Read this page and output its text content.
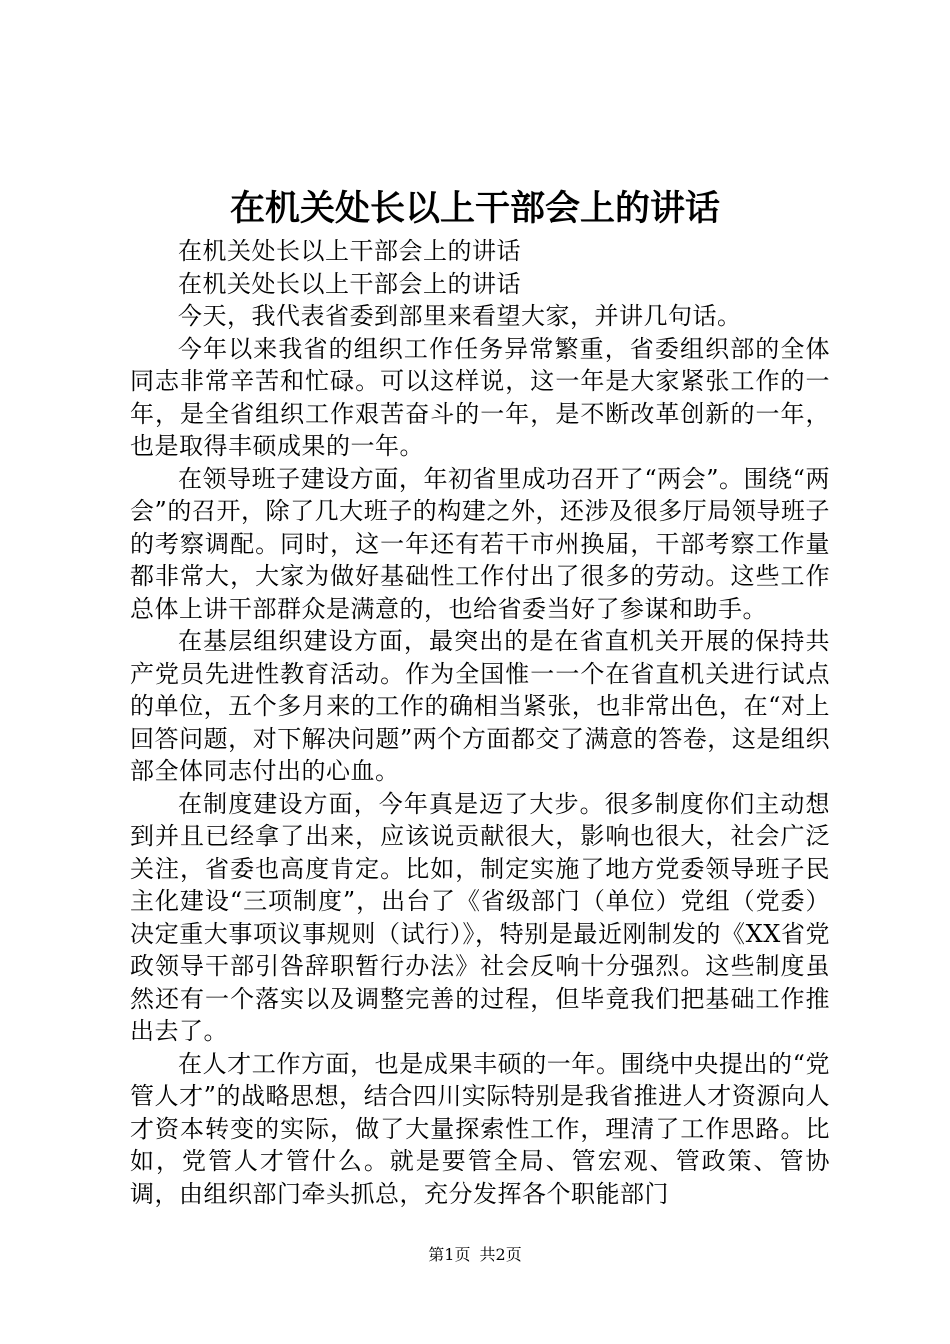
在机关处长以上干部会上的讲话

在机关处长以上干部会上的讲话

在机关处长以上干部会上的讲话

今天，我代表省委到部里来看望大家，并讲几句话。

今年以来我省的组织工作任务异常繁重，省委组织部的全体同志非常辛苦和忙碌。可以这样说，这一年是大家紧张工作的一年，是全省组织工作艰苦奋斗的一年，是不断改革创新的一年，也是取得丰硕成果的一年。

在领导班子建设方面，年初省里成功召开了“两会”。围绕“两会”的召开，除了几大班子的构建之外，还涉及很多厅局领导班子的考察调配。同时，这一年还有若干市州换届，干部考察工作量都非常大，大家为做好基础性工作付出了很多的劳动。这些工作总体上讲干部群众是满意的，也给省委当好了参谋和助手。

在基层组织建设方面，最突出的是在省直机关开展的保持共产党员先进性教育活动。作为全国惟一一个在省直机关进行试点的单位，五个多月来的工作的确相当紧张，也非常出色，在“对上回答问题，对下解决问题”两个方面都交了满意的答卷，这是组织部全体同志付出的心血。

在制度建设方面，今年真是迈了大步。很多制度你们主动想到并且已经拿了出来，应该说贡献很大，影响也很大，社会广泛关注，省委也高度肯定。比如，制定实施了地方党委领导班子民主化建设“三项制度”，出台了《省级部门（单位）党组（党委）决定重大事项议事规则（试行）》，特别是最近刚制发的《XX省党政领导干部引咎辞职暂行办法》社会反响十分强烈。这些制度虽然还有一个落实以及调整完善的过程，但毕竟我们把基础工作推出去了。

在人才工作方面，也是成果丰硕的一年。围绕中央提出的“党管人才”的战略思想，结合四川实际特别是我省推进人才资源向人才资本转变的实际，做了大量探索性工作，理清了工作思路。比如，党管人才管什么。就是要管全局、管宏观、管政策、管协调，由组织部门牵头抓总，充分发挥各个职能部门

第1页 共2页
